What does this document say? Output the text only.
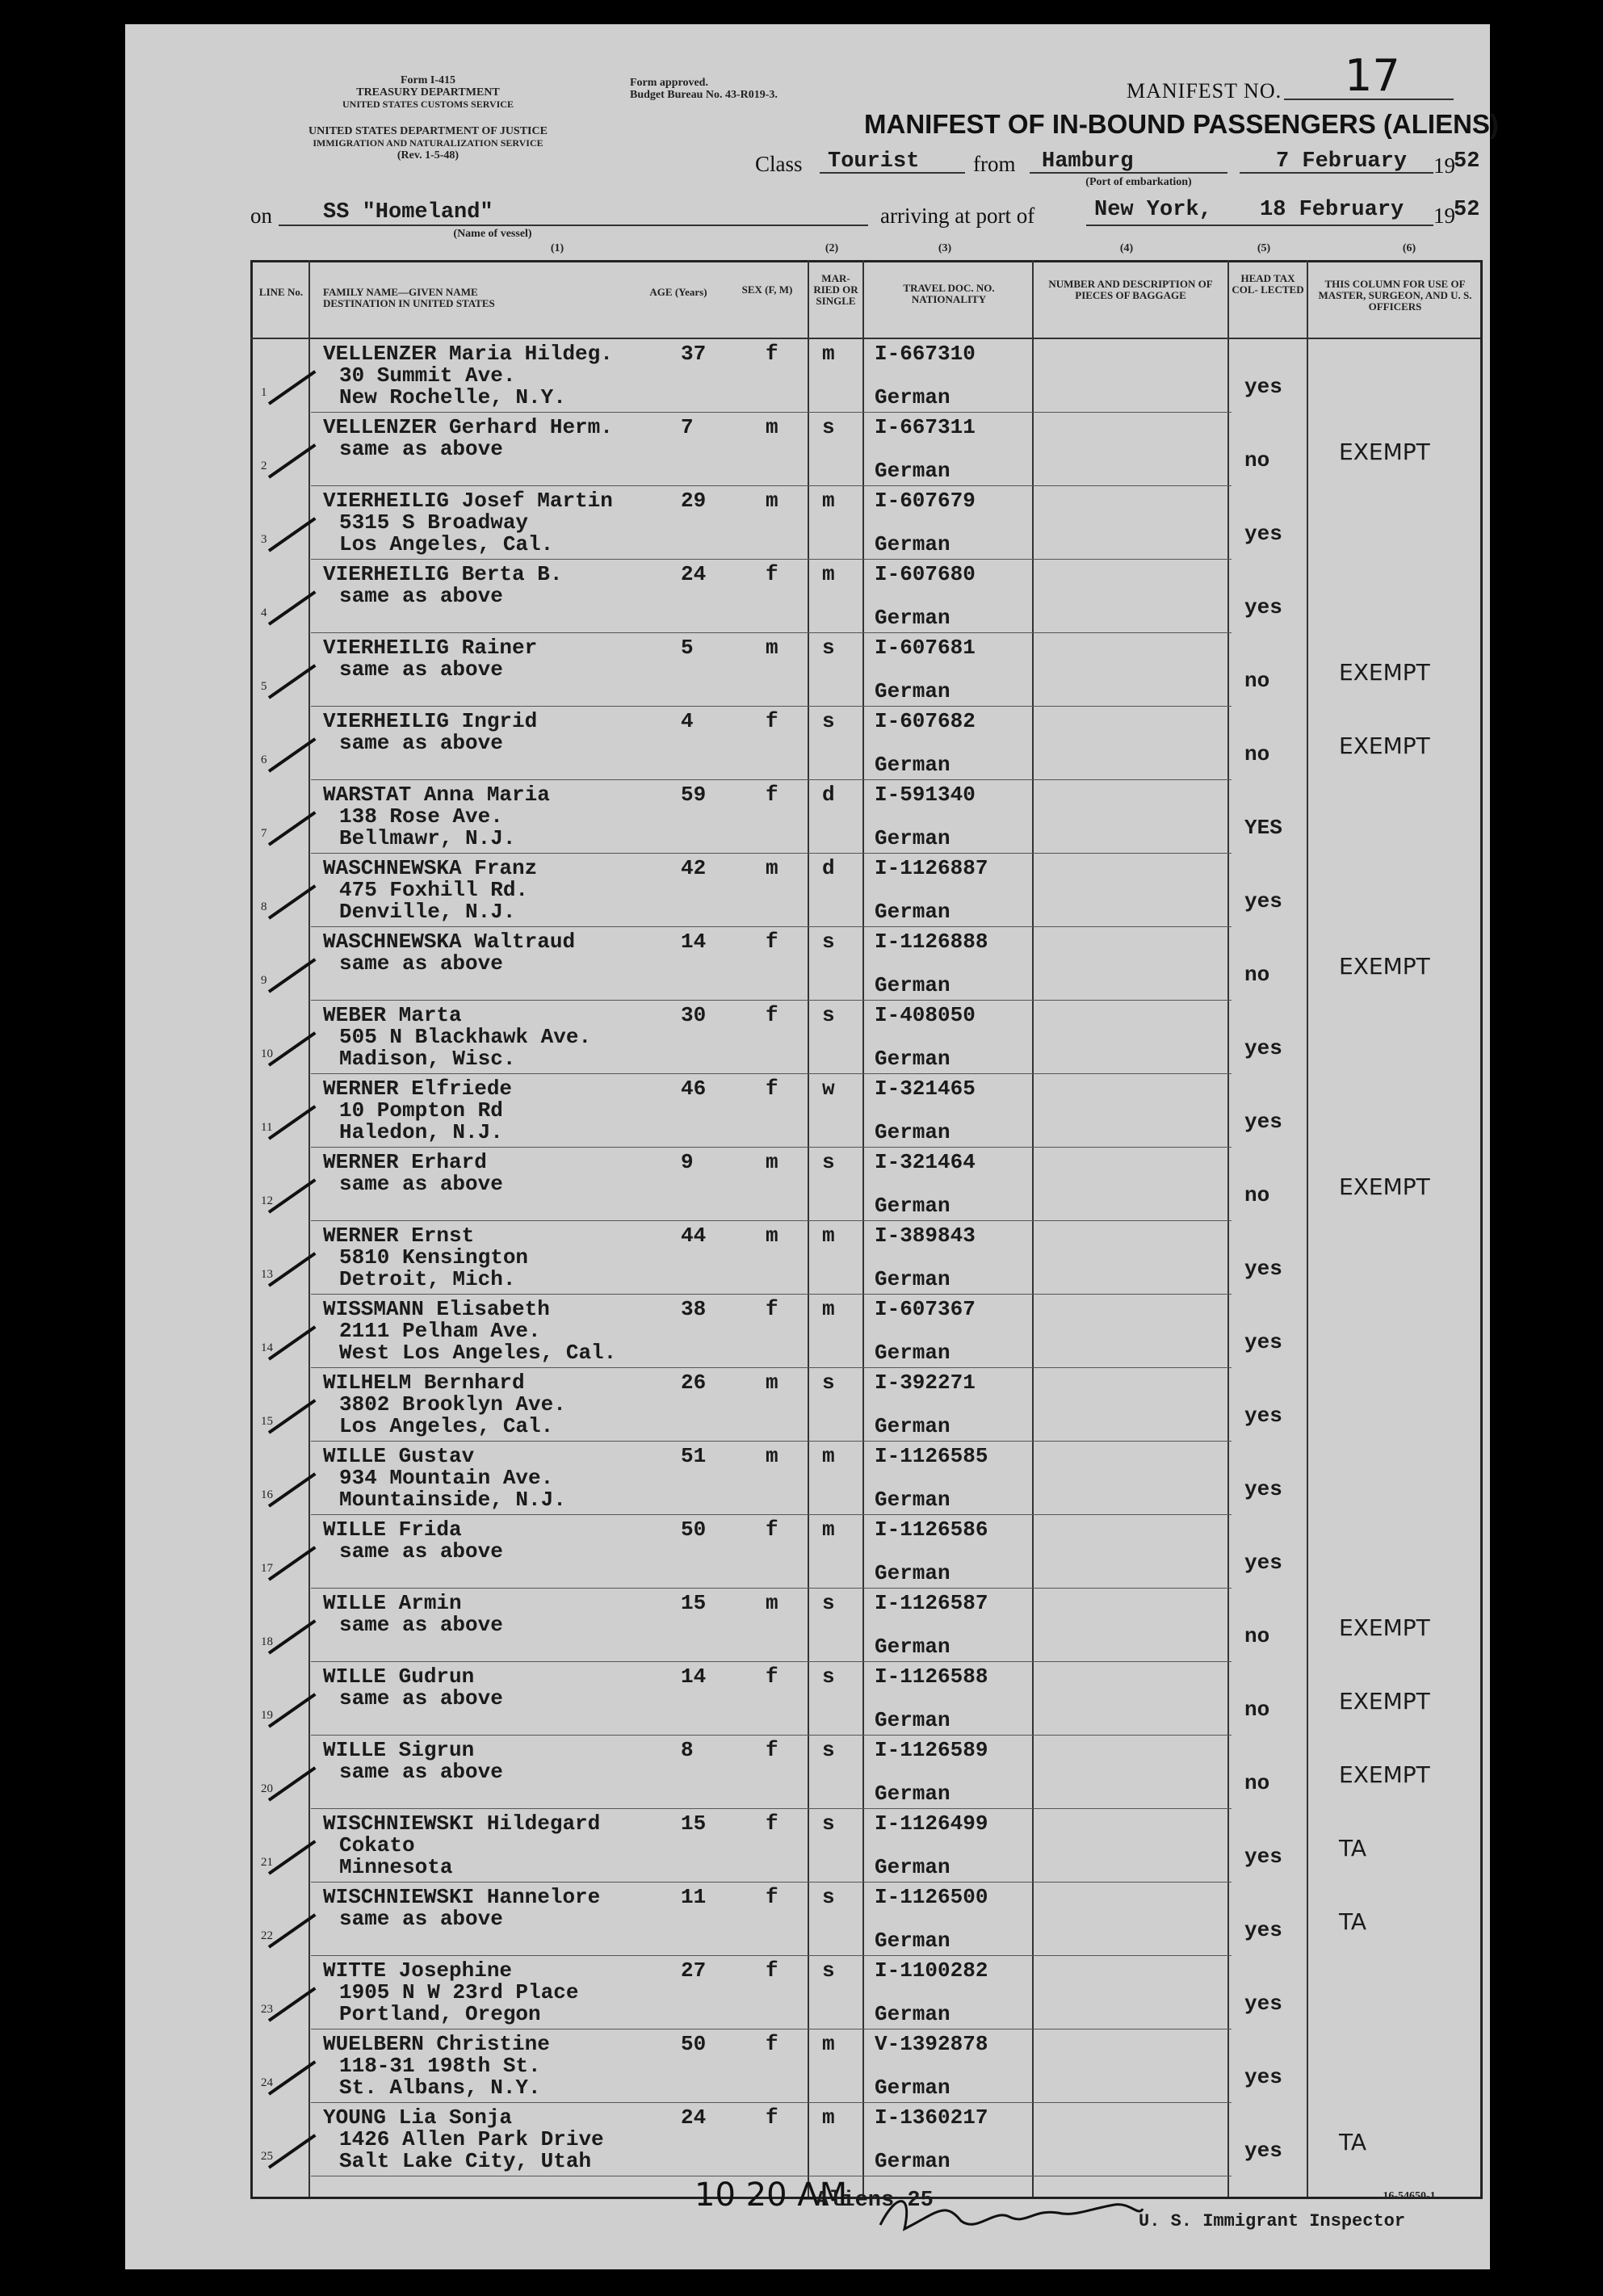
Form I-415
TREASURY DEPARTMENT
UNITED STATES CUSTOMS SERVICE
UNITED STATES DEPARTMENT OF JUSTICE
IMMIGRATION AND NATURALIZATION SERVICE
(Rev. 1-5-48)
Form approved.
Budget Bureau No. 43-R019-3.	MANIFEST NO. 17
MANIFEST OF IN-BOUND PASSENGERS (ALIENS)
Class Tourist from Hamburg	7 February 19
52
(Port of embarkation)
on SS "Homeland"
(Name of vessel)
arriving at port of	New York, 18 February 19
52
(1)	(2)	(3)	(4)	(5)	(6)
LINE No. FAMILY NAME—GIVEN NAME DESTINATION IN UNITED STATES
AGE (Years)	SEX (F, M)
MAR- RIED OR SINGLE
TRAVEL DOC. NO. NATIONALITY
NUMBER AND DESCRIPTION OF PIECES OF BAGGAGE
HEAD TAX COL- LECTED	THIS COLUMN FOR USE OF MASTER, SURGEON, AND U. S. OFFICERS
1
VELLENZER Maria Hildeg.
30 Summit Ave.
New Rochelle, N.Y.
37	f m I-667310
German	yes
2
VELLENZER Gerhard Herm.
same as above
7	m s I-667311
German	no	EXEMPT
3
VIERHEILIG Josef Martin
5315 S Broadway
Los Angeles, Cal.
29	m m I-607679
German	yes
4
VIERHEILIG Berta B.
same as above
24	f m I-607680
German	yes
5
VIERHEILIG Rainer
same as above
5	m s I-607681
German	no	EXEMPT
6
VIERHEILIG Ingrid
same as above
4	f s I-607682
German	no	EXEMPT
7
WARSTAT Anna Maria
138 Rose Ave.
Bellmawr, N.J.
59	f d I-591340
German	YES
8
WASCHNEWSKA Franz
475 Foxhill Rd.
Denville, N.J.
42	m d I-1126887
German	yes
9
WASCHNEWSKA Waltraud
same as above
14	f s I-1126888
German	no	EXEMPT
10
WEBER Marta
505 N Blackhawk Ave.
Madison, Wisc.
30	f s I-408050
German	yes
11
WERNER Elfriede
10 Pompton Rd
Haledon, N.J.
46	f w I-321465
German	yes
12
WERNER Erhard
same as above
9	m s I-321464
German	no	EXEMPT
13
WERNER Ernst
5810 Kensington
Detroit, Mich.
44	m m I-389843
German	yes
14
WISSMANN Elisabeth
2111 Pelham Ave.
West Los Angeles, Cal.
38	f m I-607367
German	yes
15
WILHELM Bernhard
3802 Brooklyn Ave.
Los Angeles, Cal.
26	m s I-392271
German	yes
16
WILLE Gustav
934 Mountain Ave.
Mountainside, N.J.
51	m m I-1126585
German	yes
17
WILLE Frida
same as above
50	f m I-1126586
German	yes
18
WILLE Armin
same as above
15	m s I-1126587
German	no	EXEMPT
19
WILLE Gudrun
same as above
14	f s I-1126588
German	no	EXEMPT
20
WILLE Sigrun
same as above
8	f s I-1126589
German	no	EXEMPT
21
WISCHNIEWSKI Hildegard
Cokato
Minnesota
15	f s I-1126499
German	yes	TA
22
WISCHNIEWSKI Hannelore
same as above
11	f s I-1126500
German	yes	TA
23
WITTE Josephine
1905 N W 23rd Place
Portland, Oregon
27	f s I-1100282
German	yes
24
WUELBERN Christine
118-31 198th St.
St. Albans, N.Y.
50	f m V-1392878
German	yes
25
YOUNG Lia Sonja
1426 Allen Park Drive
Salt Lake City, Utah
24	f m I-1360217
German	yes	TA
10 20 AM
Aliens 25
U. S. Immigrant Inspector
16-54650-1
